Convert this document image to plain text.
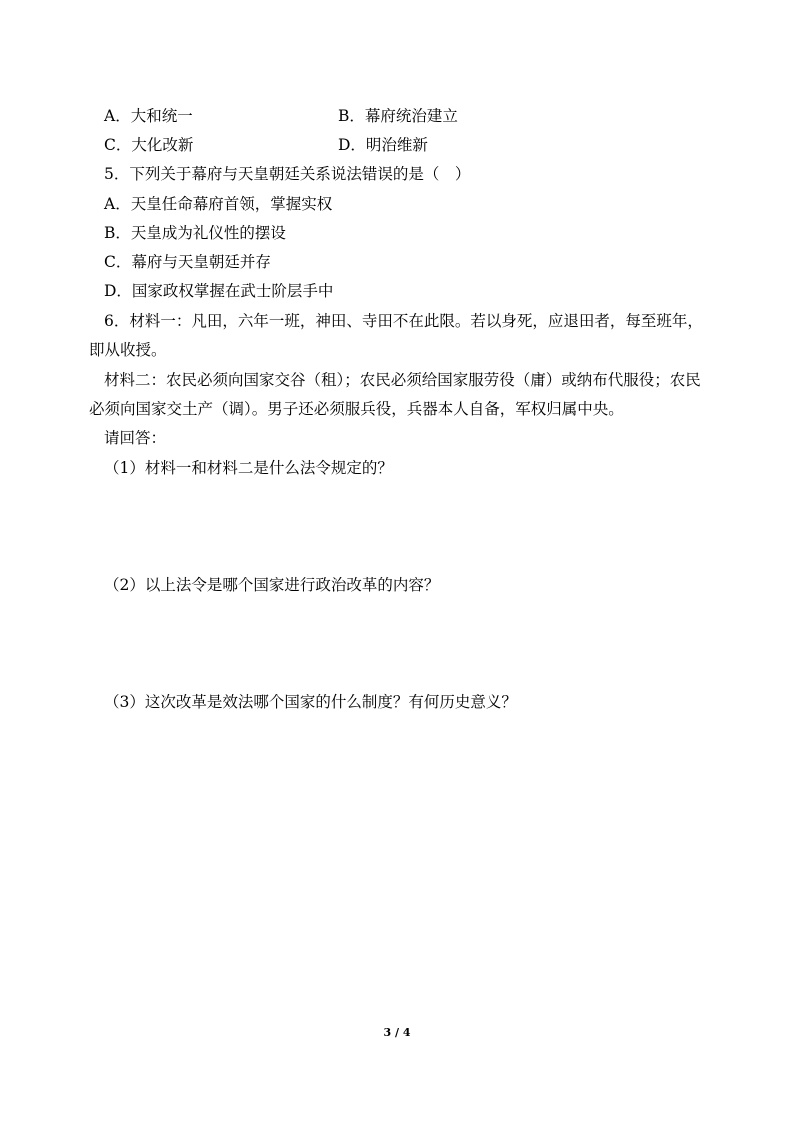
A．大和统一	B．幕府统治建立
C．大化改新	D．明治维新
5．下列关于幕府与天皇朝廷关系说法错误的是（　）
A．天皇任命幕府首领，掌握实权
B．天皇成为礼仪性的摆设
C．幕府与天皇朝廷并存
D．国家政权掌握在武士阶层手中
6．材料一：凡田，六年一班，神田、寺田不在此限。若以身死，应退田者，每至班年，
即从收授。
材料二：农民必须向国家交谷（租）；农民必须给国家服劳役（庸）或纳布代服役；农民
必须向国家交土产（调）。男子还必须服兵役，兵器本人自备，军权归属中央。
请回答：
（1）材料一和材料二是什么法令规定的？
（2）以上法令是哪个国家进行政治改革的内容？
（3）这次改革是效法哪个国家的什么制度？有何历史意义？
3 / 4
